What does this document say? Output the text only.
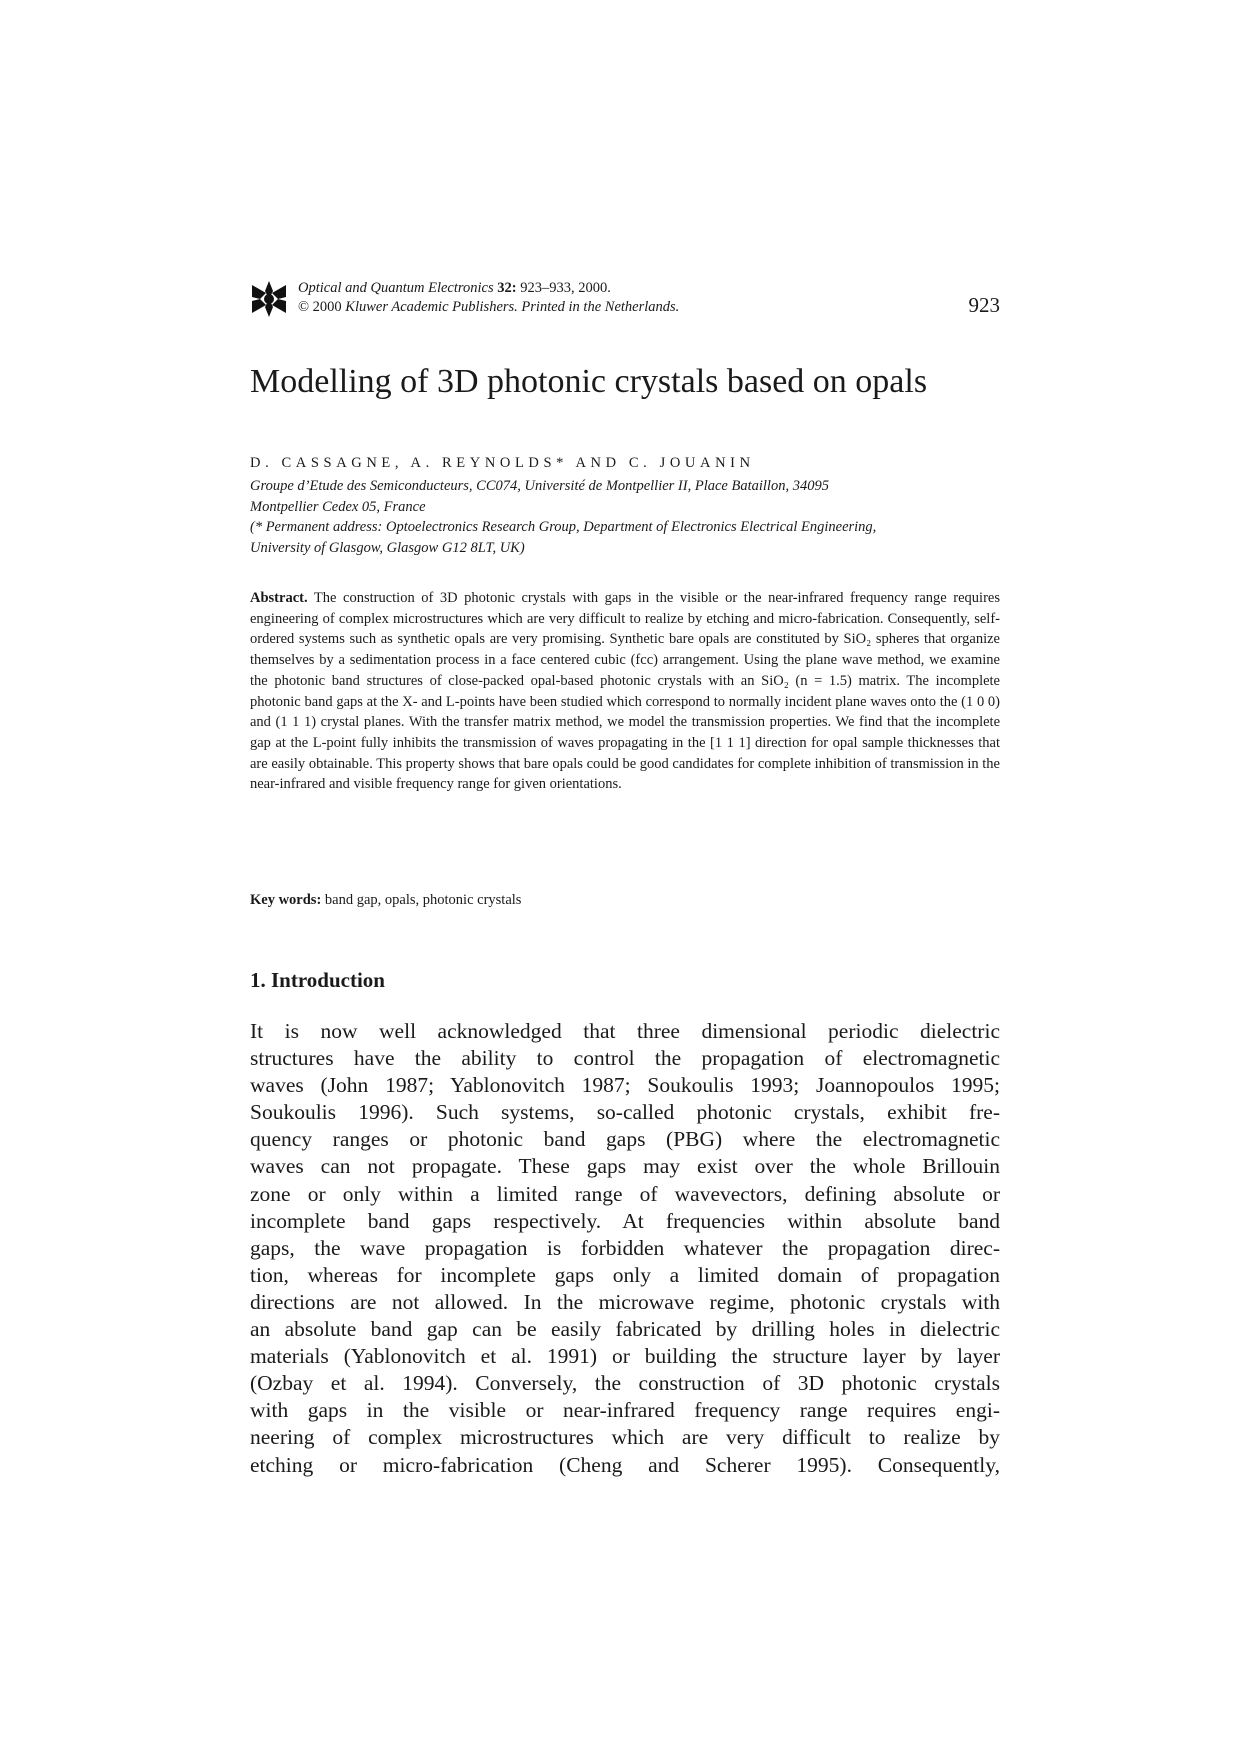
Optical and Quantum Electronics 32: 923–933, 2000.
© 2000 Kluwer Academic Publishers. Printed in the Netherlands.	923
Modelling of 3D photonic crystals based on opals
D. CASSAGNE, A. REYNOLDS* AND C. JOUANIN
Groupe d’Etude des Semiconducteurs, CC074, Université de Montpellier II, Place Bataillon, 34095
Montpellier Cedex 05, France
(* Permanent address: Optoelectronics Research Group, Department of Electronics Electrical Engineering,
University of Glasgow, Glasgow G12 8LT, UK)

Abstract. The construction of 3D photonic crystals with gaps in the visible or the near-infrared frequency range requires engineering of complex microstructures which are very difficult to realize by etching and micro-fabrication. Consequently, self-ordered systems such as synthetic opals are very promising. Synthetic bare opals are constituted by SiO₂ spheres that organize themselves by a sedimentation process in a face centered cubic (fcc) arrangement. Using the plane wave method, we examine the photonic band structures of close-packed opal-based photonic crystals with an SiO₂ (n = 1.5) matrix. The incomplete photonic band gaps at the X- and L-points have been studied which correspond to normally incident plane waves onto the (1 0 0) and (1 1 1) crystal planes. With the transfer matrix method, we model the transmission properties. We find that the incomplete gap at the L-point fully inhibits the transmission of waves propagating in the [1 1 1] direction for opal sample thicknesses that are easily obtainable. This property shows that bare opals could be good candidates for complete inhibition of transmission in the near-infrared and visible frequency range for given orientations.

Key words: band gap, opals, photonic crystals
1. Introduction
It is now well acknowledged that three dimensional periodic dielectric
structures have the ability to control the propagation of electromagnetic
waves (John 1987; Yablonovitch 1987; Soukoulis 1993; Joannopoulos 1995;
Soukoulis 1996). Such systems, so-called photonic crystals, exhibit fre-
quency ranges or photonic band gaps (PBG) where the electromagnetic
waves can not propagate. These gaps may exist over the whole Brillouin
zone or only within a limited range of wavevectors, defining absolute or
incomplete band gaps respectively. At frequencies within absolute band
gaps, the wave propagation is forbidden whatever the propagation direc-
tion, whereas for incomplete gaps only a limited domain of propagation
directions are not allowed. In the microwave regime, photonic crystals with
an absolute band gap can be easily fabricated by drilling holes in dielectric
materials (Yablonovitch et al. 1991) or building the structure layer by layer
(Ozbay et al. 1994). Conversely, the construction of 3D photonic crystals
with gaps in the visible or near-infrared frequency range requires engi-
neering of complex microstructures which are very difficult to realize by
etching or micro-fabrication (Cheng and Scherer 1995). Consequently,
